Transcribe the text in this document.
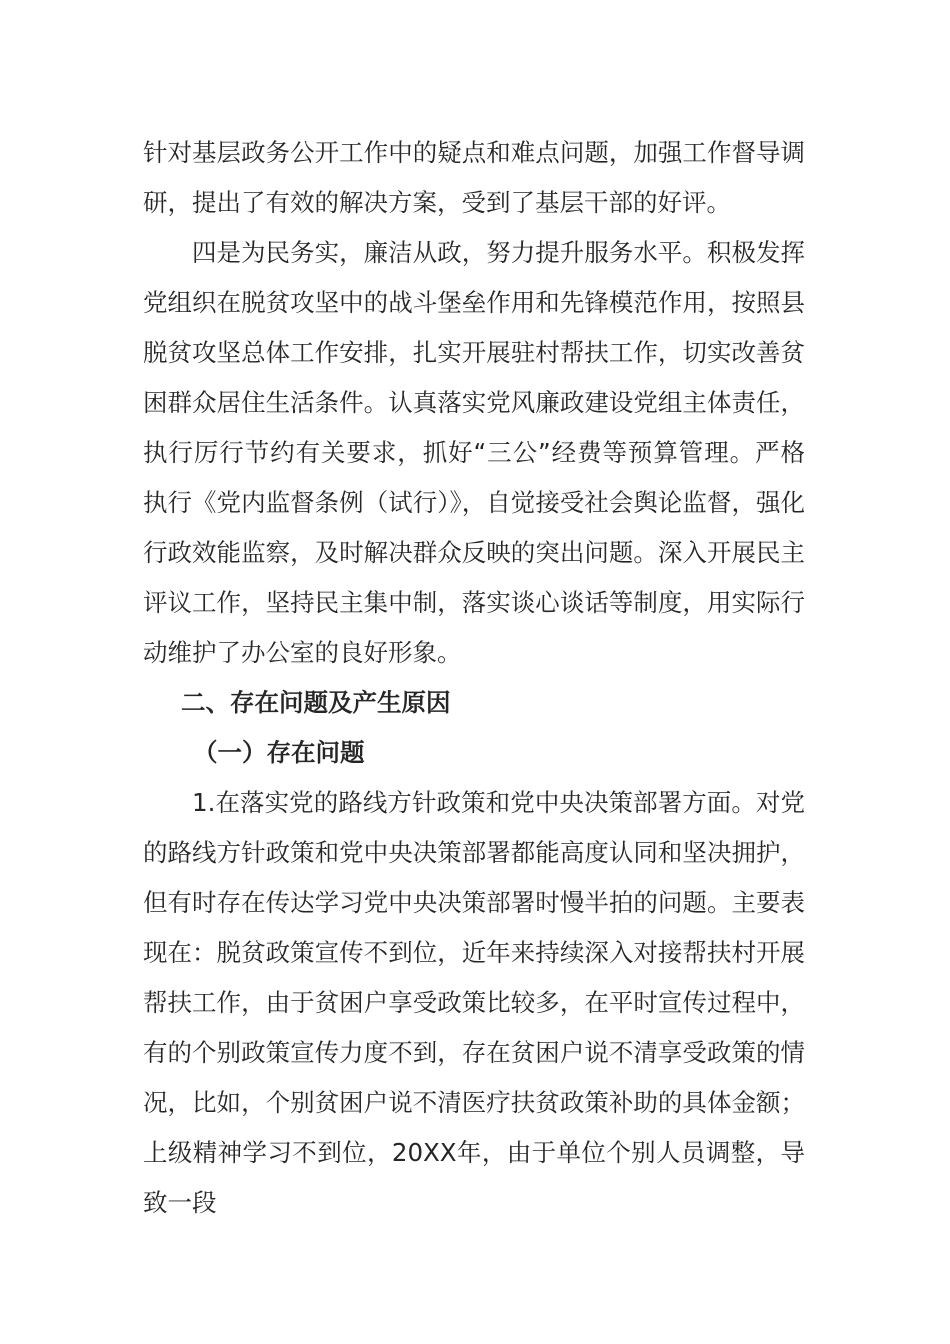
针对基层政务公开工作中的疑点和难点问题，加强工作督导调研，提出了有效的解决方案，受到了基层干部的好评。

四是为民务实，廉洁从政，努力提升服务水平。积极发挥党组织在脱贫攻坚中的战斗堡垒作用和先锋模范作用，按照县脱贫攻坚总体工作安排，扎实开展驻村帮扶工作，切实改善贫困群众居住生活条件。认真落实党风廉政建设党组主体责任，执行厉行节约有关要求，抓好“三公”经费等预算管理。严格执行《党内监督条例（试行）》，自觉接受社会舆论监督，强化行政效能监察，及时解决群众反映的突出问题。深入开展民主评议工作，坚持民主集中制，落实谈心谈话等制度，用实际行动维护了办公室的良好形象。

二、存在问题及产生原因

（一）存在问题

1.在落实党的路线方针政策和党中央决策部署方面。对党的路线方针政策和党中央决策部署都能高度认同和坚决拥护，但有时存在传达学习党中央决策部署时慢半拍的问题。主要表现在：脱贫政策宣传不到位，近年来持续深入对接帮扶村开展帮扶工作，由于贫困户享受政策比较多，在平时宣传过程中，有的个别政策宣传力度不到，存在贫困户说不清享受政策的情况，比如，个别贫困户说不清医疗扶贫政策补助的具体金额；上级精神学习不到位，20XX年，由于单位个别人员调整，导致一段
